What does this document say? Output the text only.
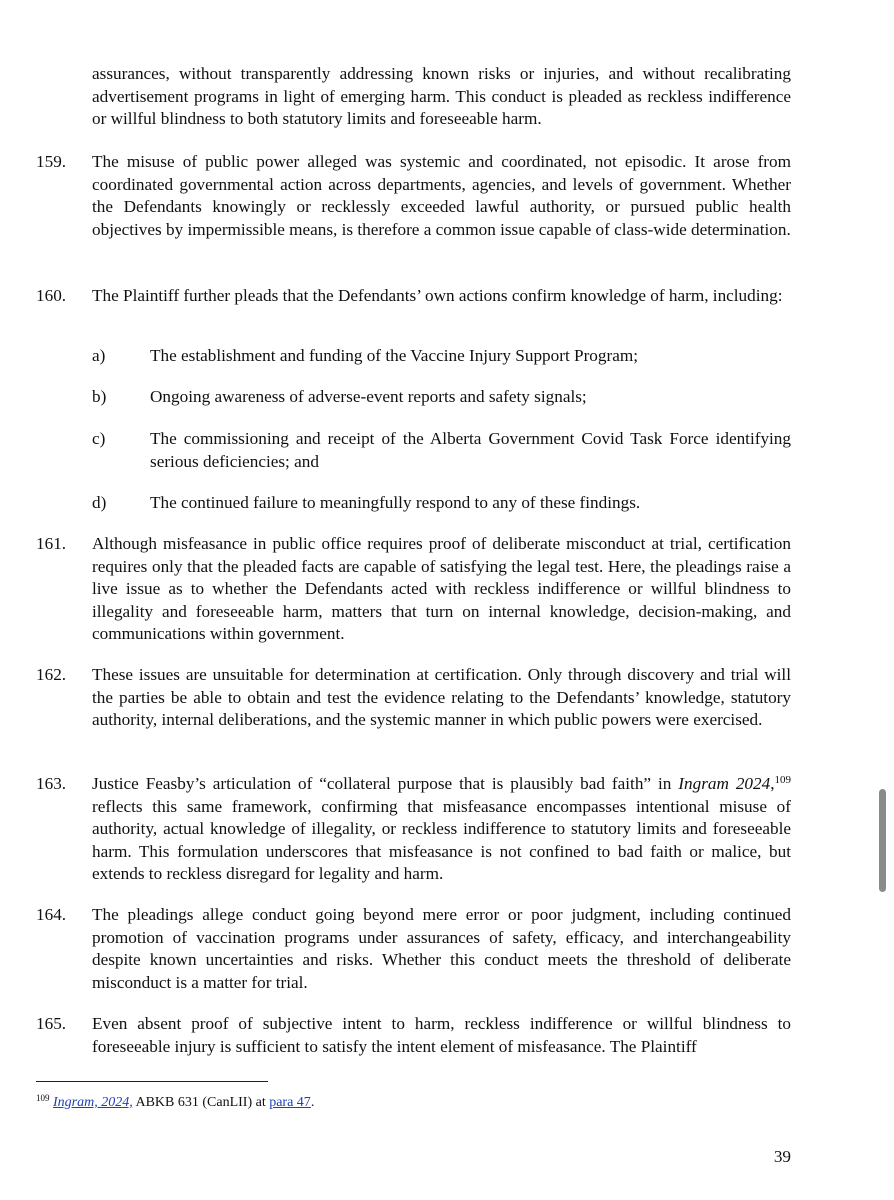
assurances, without transparently addressing known risks or injuries, and without recalibrating advertisement programs in light of emerging harm. This conduct is pleaded as reckless indifference or willful blindness to both statutory limits and foreseeable harm.

159. The misuse of public power alleged was systemic and coordinated, not episodic. It arose from coordinated governmental action across departments, agencies, and levels of government. Whether the Defendants knowingly or recklessly exceeded lawful authority, or pursued public health objectives by impermissible means, is therefore a common issue capable of class-wide determination.

160. The Plaintiff further pleads that the Defendants’ own actions confirm knowledge of harm, including:

a)	The establishment and funding of the Vaccine Injury Support Program;

b)	Ongoing awareness of adverse-event reports and safety signals;

c)	The commissioning and receipt of the Alberta Government Covid Task Force identifying serious deficiencies; and

d)	The continued failure to meaningfully respond to any of these findings.

161. Although misfeasance in public office requires proof of deliberate misconduct at trial, certification requires only that the pleaded facts are capable of satisfying the legal test. Here, the pleadings raise a live issue as to whether the Defendants acted with reckless indifference or willful blindness to illegality and foreseeable harm, matters that turn on internal knowledge, decision-making, and communications within government.

162. These issues are unsuitable for determination at certification. Only through discovery and trial will the parties be able to obtain and test the evidence relating to the Defendants’ knowledge, statutory authority, internal deliberations, and the systemic manner in which public powers were exercised.

163. Justice Feasby’s articulation of “collateral purpose that is plausibly bad faith” in Ingram 2024,$^{109}$ reflects this same framework, confirming that misfeasance encompasses intentional misuse of authority, actual knowledge of illegality, or reckless indifference to statutory limits and foreseeable harm. This formulation underscores that misfeasance is not confined to bad faith or malice, but extends to reckless disregard for legality and harm.

164. The pleadings allege conduct going beyond mere error or poor judgment, including continued promotion of vaccination programs under assurances of safety, efficacy, and interchangeability despite known uncertainties and risks. Whether this conduct meets the threshold of deliberate misconduct is a matter for trial.

165. Even absent proof of subjective intent to harm, reckless indifference or willful blindness to foreseeable injury is sufficient to satisfy the intent element of misfeasance. The Plaintiff

$^{109}$ Ingram, 2024, ABKB 631 (CanLII) at para 47.
39
